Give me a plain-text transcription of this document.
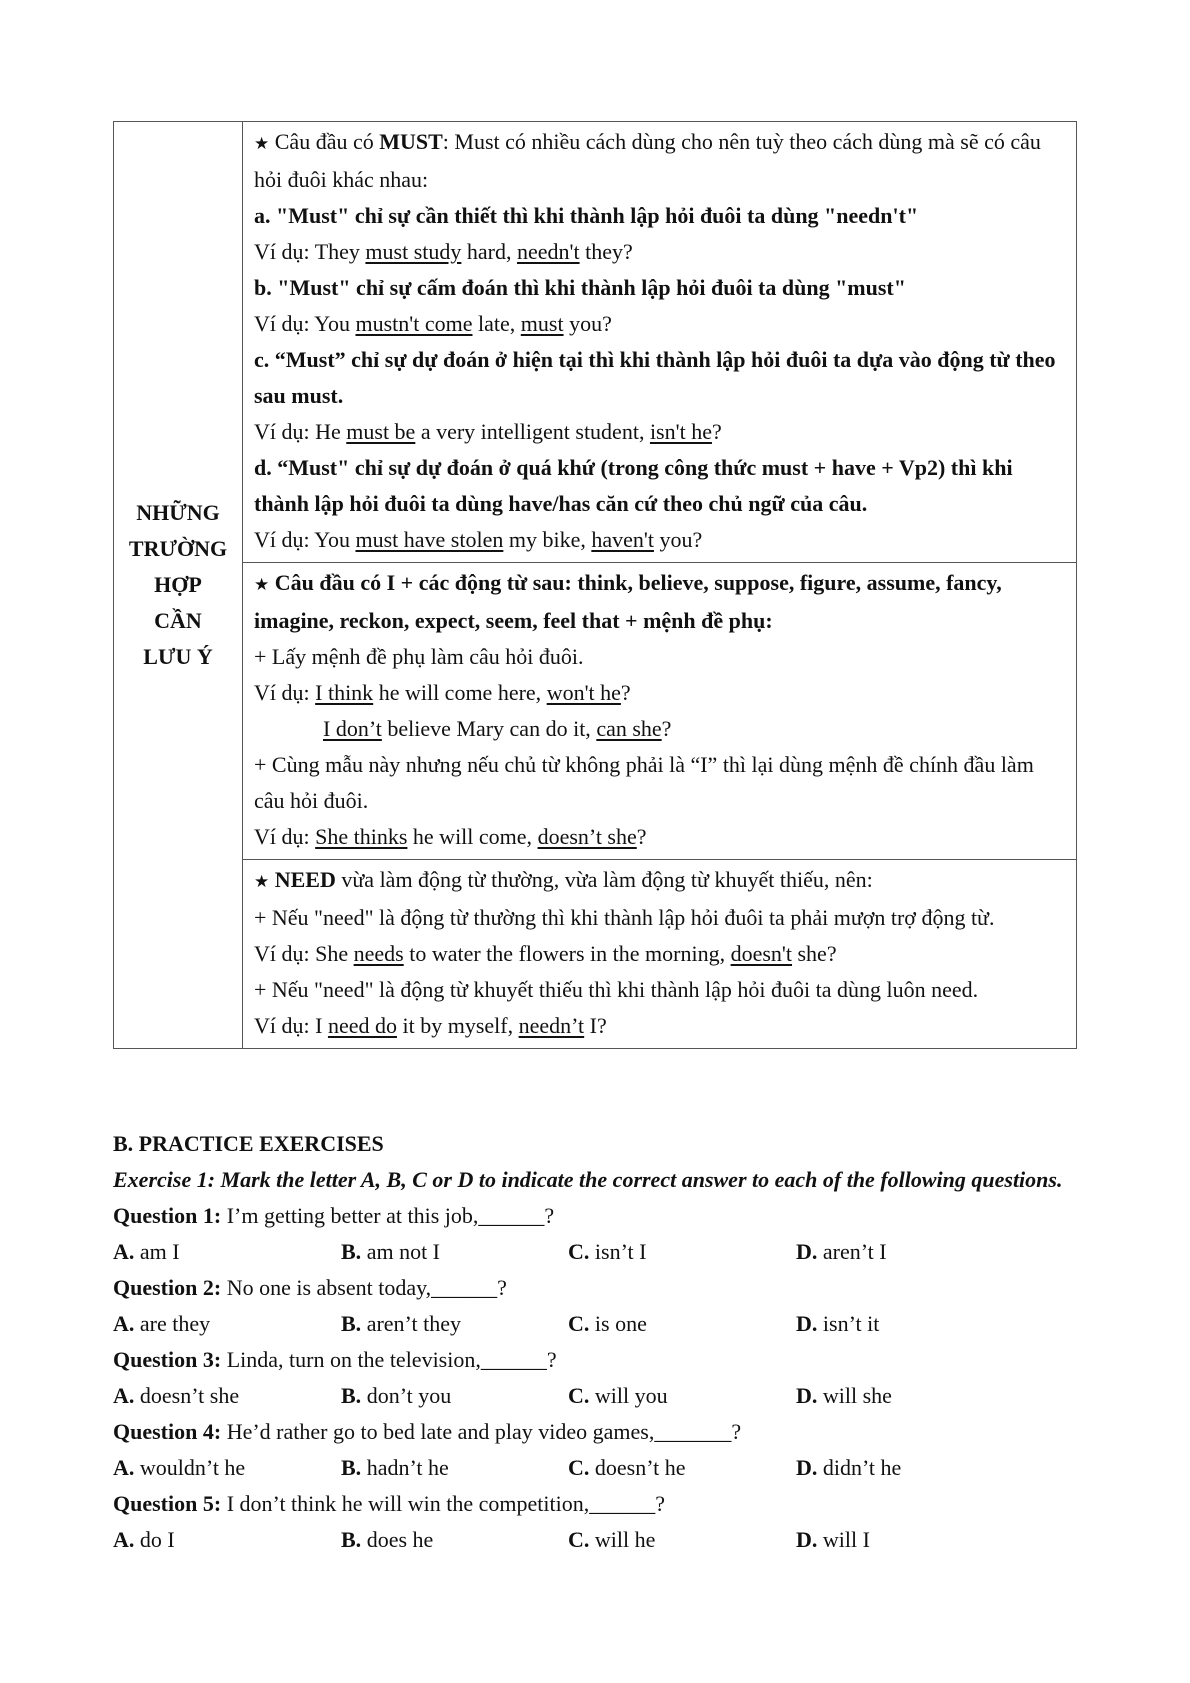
NHỮNG
TRƯỜNG
HỢP
CẦN
LƯU Ý

★ Câu đầu có MUST: Must có nhiều cách dùng cho nên tuỳ theo cách dùng mà sẽ có câu hỏi đuôi khác nhau:
a. "Must" chỉ sự cần thiết thì khi thành lập hỏi đuôi ta dùng "needn't"
Ví dụ: They must study hard, needn't they?
b. "Must" chỉ sự cấm đoán thì khi thành lập hỏi đuôi ta dùng "must"
Ví dụ: You mustn't come late, must you?
c. “Must” chỉ sự dự đoán ở hiện tại thì khi thành lập hỏi đuôi ta dựa vào động từ theo sau must.
Ví dụ: He must be a very intelligent student, isn't he?
d. “Must" chỉ sự dự đoán ở quá khứ (trong công thức must + have + Vp2) thì khi thành lập hỏi đuôi ta dùng have/has căn cứ theo chủ ngữ của câu.
Ví dụ: You must have stolen my bike, haven't you?

★ Câu đầu có I + các động từ sau: think, believe, suppose, figure, assume, fancy, imagine, reckon, expect, seem, feel that + mệnh đề phụ:
+ Lấy mệnh đề phụ làm câu hỏi đuôi.
Ví dụ: I think he will come here, won't he?
I don’t believe Mary can do it, can she?
+ Cùng mẫu này nhưng nếu chủ từ không phải là “I” thì lại dùng mệnh đề chính đầu làm câu hỏi đuôi.
Ví dụ: She thinks he will come, doesn’t she?

★ NEED vừa làm động từ thường, vừa làm động từ khuyết thiếu, nên:
+ Nếu "need" là động từ thường thì khi thành lập hỏi đuôi ta phải mượn trợ động từ.
Ví dụ: She needs to water the flowers in the morning, doesn't she?
+ Nếu "need" là động từ khuyết thiếu thì khi thành lập hỏi đuôi ta dùng luôn need.
Ví dụ: I need do it by myself, needn’t I?
B. PRACTICE EXERCISES
Exercise 1: Mark the letter A, B, C or D to indicate the correct answer to each of the following questions.
Question 1: I’m getting better at this job,______?
A. am I	B. am not I	C. isn’t I	D. aren’t I
Question 2: No one is absent today,______?
A. are they	B. aren’t they	C. is one	D. isn’t it
Question 3: Linda, turn on the television,______?
A. doesn’t she	B. don’t you	C. will you	D. will she
Question 4: He’d rather go to bed late and play video games,_______?
A. wouldn’t he	B. hadn’t he	C. doesn’t he	D. didn’t he
Question 5: I don’t think he will win the competition,______?
A. do I	B. does he	C. will he	D. will I
